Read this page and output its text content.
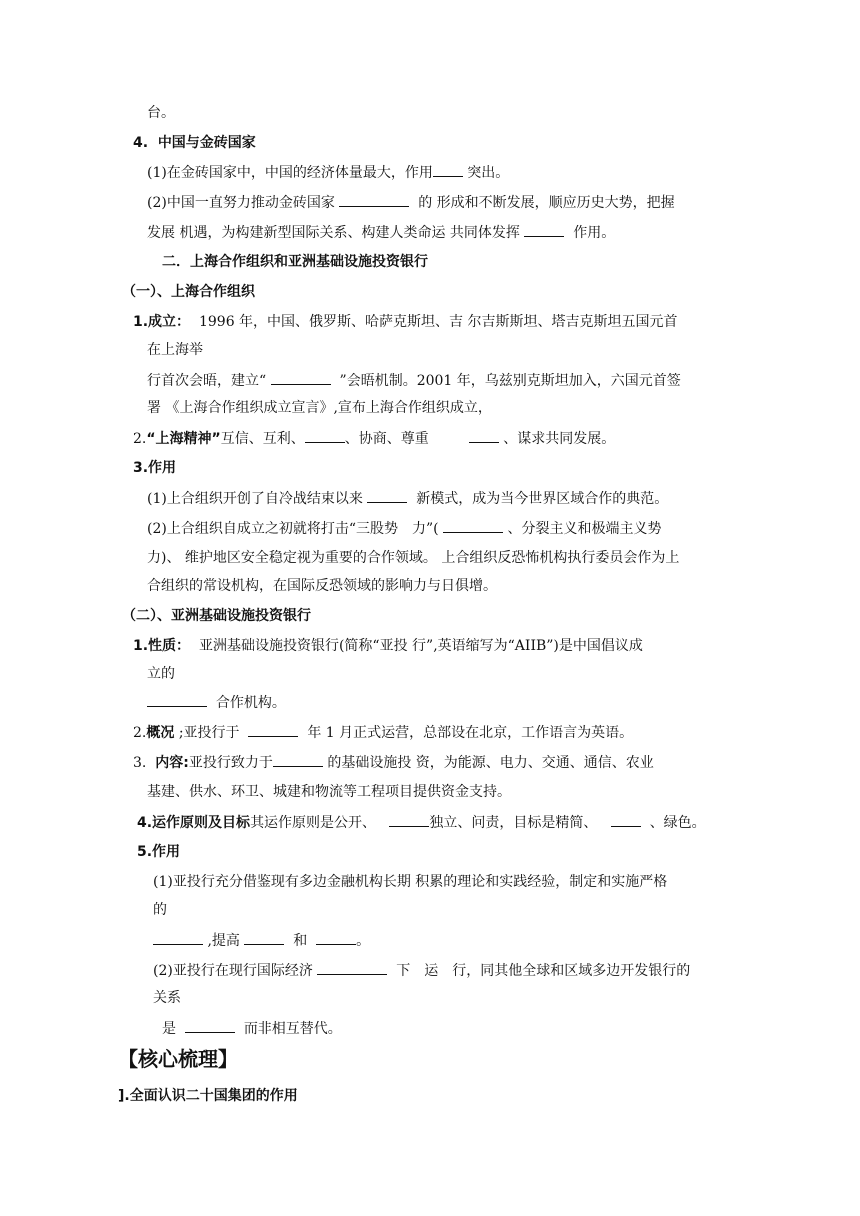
台。
4. 中国与金砖国家
(1)在金砖国家中，中国的经济体量最大，作用 突出。
(2)中国一直努力推动金砖国家	的 形成和不断发展，顺应历史大势，把握
发展 机遇，为构建新型国际关系、构建人类命运 共同体发挥	作用。
二．上海合作组织和亚洲基础设施投资银行
（一）、上海合作组织
1.成立： 1996 年，中国、俄罗斯、哈萨克斯坦、吉 尔吉斯斯坦、塔吉克斯坦五国元首
在上海举
行首次会晤，建立“	”会晤机制。2001 年，乌兹别克斯坦加入，六国元首签
署 《上海合作组织成立宣言》,宣布上海合作组织成立，
2.“上海精神”互信、互利、	、协商、尊重	、谋求共同发展。
3.作用
(1)上合组织开创了自冷战结束以来	新模式，成为当今世界区域合作的典范。
(2)上合组织自成立之初就将打击“三股势　力”(	、分裂主义和极端主义势
力)、 维护地区安全稳定视为重要的合作领域。 上合组织反恐怖机构执行委员会作为上
合组织的常设机构，在国际反恐领域的影响力与日俱增。
（二）、亚洲基础设施投资银行
1.性质： 亚洲基础设施投资银行(简称“亚投 行”,英语缩写为“AIIB”)是中国倡议成
立的
合作机构。
2.概况 ;亚投行于	年 1 月正式运营，总部设在北京，工作语言为英语。
3. 内容:亚投行致力于	的基础设施投 资，为能源、电力、交通、通信、农业
基建、供水、环卫、城建和物流等工程项目提供资金支持。
4.运作原则及目标其运作原则是公开、	独立、问责，目标是精简、	、绿色。
5.作用
(1)亚投行充分借鉴现有多边金融机构长期 积累的理论和实践经验，制定和实施严格
的
,提高	和	。
(2)亚投行在现行国际经济	下　运　行，同其他全球和区域多边开发银行的
关系
是	而非相互替代。
【核心梳理】
].全面认识二十国集团的作用
